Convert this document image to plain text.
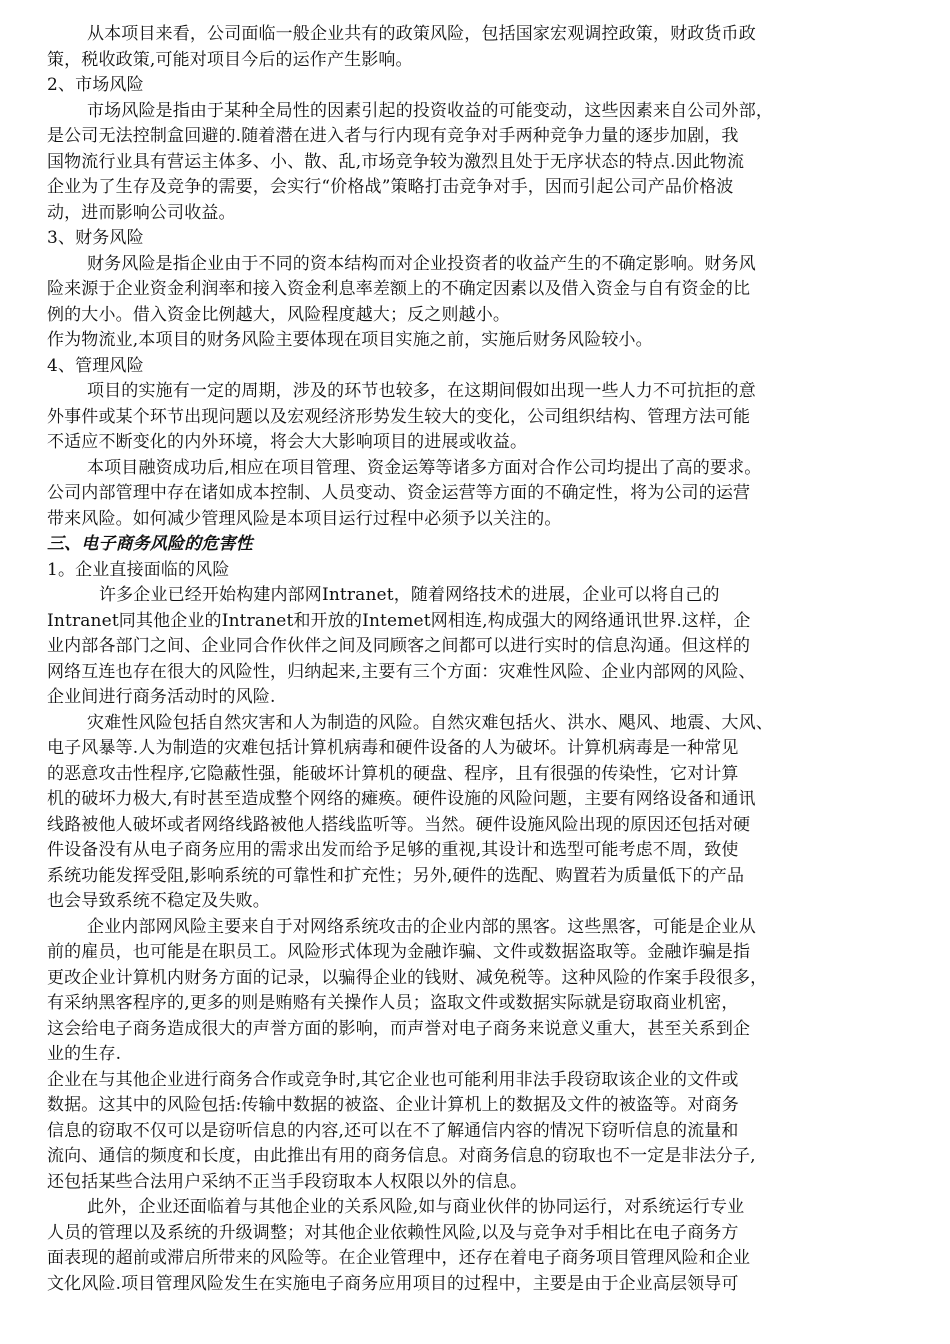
从本项目来看，公司面临一般企业共有的政策风险，包括国家宏观调控政策，财政货币政
策，税收政策,可能对项目今后的运作产生影响。
2、市场风险
市场风险是指由于某种全局性的因素引起的投资收益的可能变动，这些因素来自公司外部，
是公司无法控制盒回避的.随着潜在进入者与行内现有竞争对手两种竞争力量的逐步加剧，我
国物流行业具有营运主体多、小、散、乱,市场竞争较为激烈且处于无序状态的特点.因此物流
企业为了生存及竞争的需要，会实行“价格战”策略打击竞争对手，因而引起公司产品价格波
动，进而影响公司收益。
3、财务风险
财务风险是指企业由于不同的资本结构而对企业投资者的收益产生的不确定影响。财务风
险来源于企业资金利润率和接入资金利息率差额上的不确定因素以及借入资金与自有资金的比
例的大小。借入资金比例越大，风险程度越大；反之则越小。
作为物流业,本项目的财务风险主要体现在项目实施之前，实施后财务风险较小。
4、管理风险
项目的实施有一定的周期，涉及的环节也较多，在这期间假如出现一些人力不可抗拒的意
外事件或某个环节出现问题以及宏观经济形势发生较大的变化，公司组织结构、管理方法可能
不适应不断变化的内外环境，将会大大影响项目的进展或收益。
本项目融资成功后,相应在项目管理、资金运筹等诸多方面对合作公司均提出了高的要求。
公司内部管理中存在诸如成本控制、人员变动、资金运营等方面的不确定性，将为公司的运营
带来风险。如何减少管理风险是本项目运行过程中必须予以关注的。
三、电子商务风险的危害性
1。企业直接面临的风险
许多企业已经开始构建内部网Intranet，随着网络技术的进展，企业可以将自己的
Intranet同其他企业的Intranet和开放的Intemet网相连,构成强大的网络通讯世界.这样，企
业内部各部门之间、企业同合作伙伴之间及同顾客之间都可以进行实时的信息沟通。但这样的
网络互连也存在很大的风险性，归纳起来,主要有三个方面：灾难性风险、企业内部网的风险、
企业间进行商务活动时的风险.
灾难性风险包括自然灾害和人为制造的风险。自然灾难包括火、洪水、飓风、地震、大风、
电子风暴等.人为制造的灾难包括计算机病毒和硬件设备的人为破坏。计算机病毒是一种常见
的恶意攻击性程序,它隐蔽性强，能破坏计算机的硬盘、程序，且有很强的传染性，它对计算
机的破坏力极大,有时甚至造成整个网络的瘫痪。硬件设施的风险问题，主要有网络设备和通讯
线路被他人破坏或者网络线路被他人搭线监听等。当然。硬件设施风险出现的原因还包括对硬
件设备没有从电子商务应用的需求出发而给予足够的重视,其设计和选型可能考虑不周，致使
系统功能发挥受阻,影响系统的可靠性和扩充性；另外,硬件的选配、购置若为质量低下的产品
也会导致系统不稳定及失败。
企业内部网风险主要来自于对网络系统攻击的企业内部的黑客。这些黑客，可能是企业从
前的雇员，也可能是在职员工。风险形式体现为金融诈骗、文件或数据盗取等。金融诈骗是指
更改企业计算机内财务方面的记录，以骗得企业的钱财、减免税等。这种风险的作案手段很多，
有采纳黑客程序的,更多的则是贿赂有关操作人员；盗取文件或数据实际就是窃取商业机密，
这会给电子商务造成很大的声誉方面的影响，而声誉对电子商务来说意义重大，甚至关系到企
业的生存.
企业在与其他企业进行商务合作或竞争时,其它企业也可能利用非法手段窃取该企业的文件或
数据。这其中的风险包括:传输中数据的被盗、企业计算机上的数据及文件的被盗等。对商务
信息的窃取不仅可以是窃听信息的内容,还可以在不了解通信内容的情况下窃听信息的流量和
流向、通信的频度和长度，由此推出有用的商务信息。对商务信息的窃取也不一定是非法分子,
还包括某些合法用户采纳不正当手段窃取本人权限以外的信息。
此外，企业还面临着与其他企业的关系风险,如与商业伙伴的协同运行，对系统运行专业
人员的管理以及系统的升级调整；对其他企业依赖性风险,以及与竞争对手相比在电子商务方
面表现的超前或滞启所带来的风险等。在企业管理中，还存在着电子商务项目管理风险和企业
文化风险.项目管理风险发生在实施电子商务应用项目的过程中，主要是由于企业高层领导可
